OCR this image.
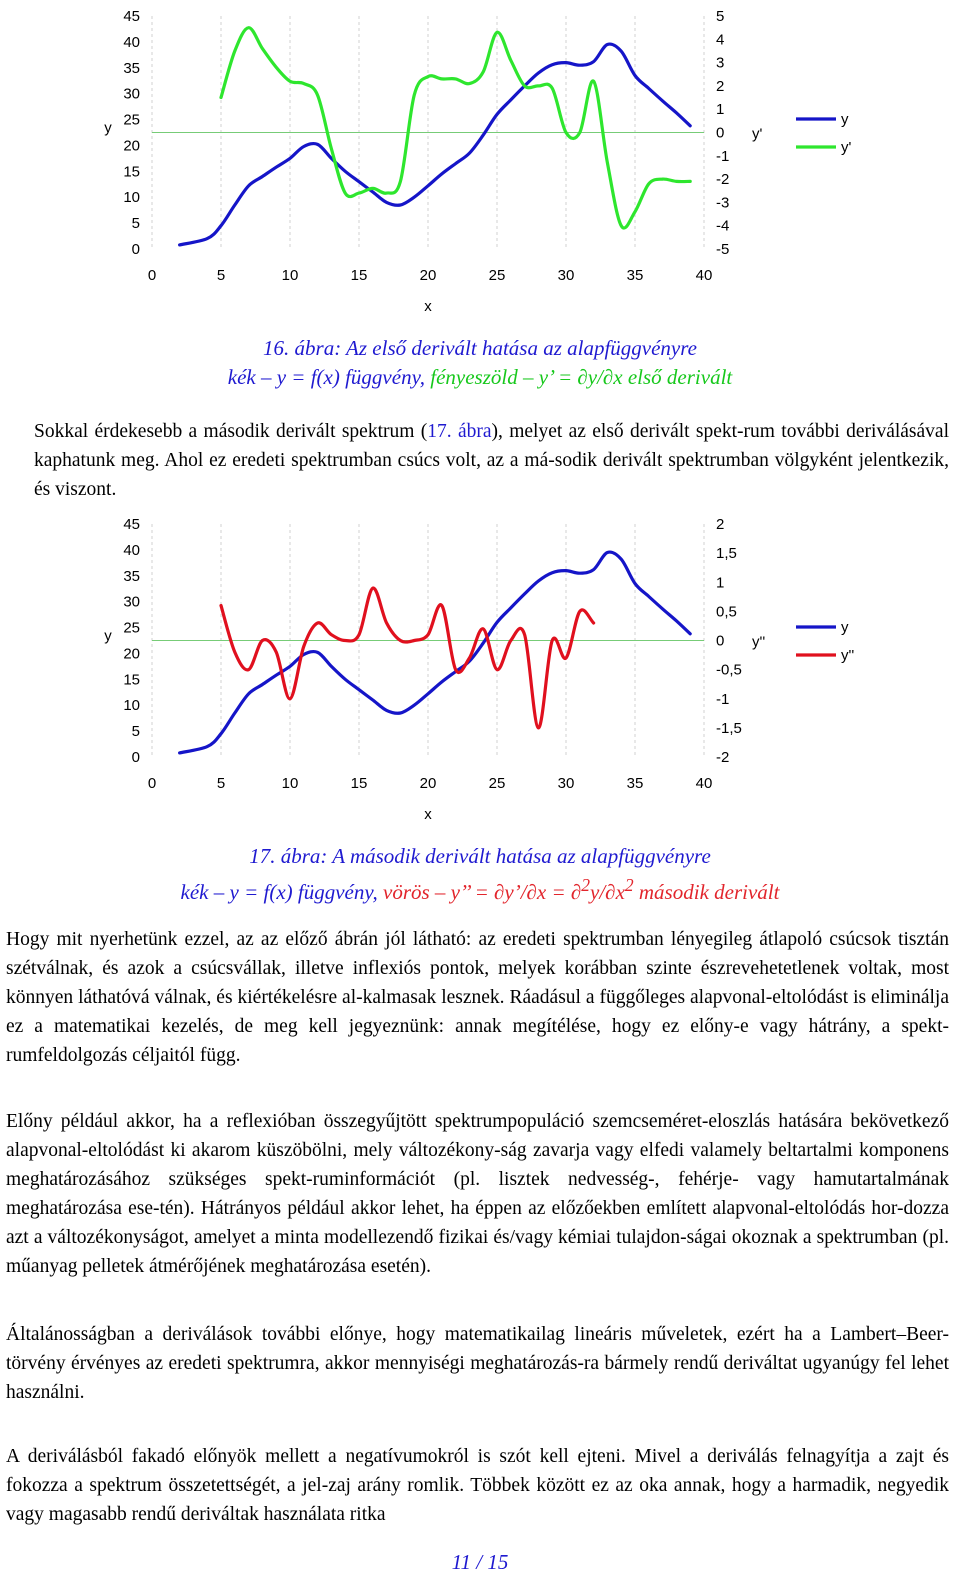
45
40
35
30
25
20
15
10
5
0
5
4
3
2
1
0
-1
-2
-3
-4
-5
0	5	10	15	20	25	30	35	40
x
y	y'
y
y'
16. ábra: Az első derivált hatása az alapfüggvényre
kék – y = f(x) függvény, fényeszöld – y’ = ∂y/∂x első derivált
Sokkal érdekesebb a második derivált spektrum (17. ábra), melyet az első derivált spekt-rum további deriválásával kaphatunk meg. Ahol ez eredeti spektrumban csúcs volt, az a má-sodik derivált spektrumban völgyként jelentkezik, és viszont.
45
40
35
30
25
20
15
10
5
0
2
1,5
1
0,5
0
-0,5
-1
-1,5
-2
0	5	10	15	20	25	30	35	40
x
y	y''
y
y''
17. ábra: A második derivált hatása az alapfüggvényre
kék – y = f(x) függvény, vörös – y’’ = ∂y’/∂x = $\partial^2y/\partial x^2$ második derivált
Hogy mit nyerhetünk ezzel, az az előző ábrán jól látható: az eredeti spektrumban lényegileg átlapoló csúcsok tisztán szétválnak, és azok a csúcsvállak, illetve inflexiós pontok, melyek korábban szinte észrevehetetlenek voltak, most könnyen láthatóvá válnak, és kiértékelésre al-kalmasak lesznek. Ráadásul a függőleges alapvonal-eltolódást is eliminálja ez a matematikai kezelés, de meg kell jegyeznünk: annak megítélése, hogy ez előny-e vagy hátrány, a spekt-rumfeldolgozás céljaitól függ.
Előny például akkor, ha a reflexióban összegyűjtött spektrumpopuláció szemcseméret-eloszlás hatására bekövetkező alapvonal-eltolódást ki akarom küszöbölni, mely változékony-ság zavarja vagy elfedi valamely beltartalmi komponens meghatározásához szükséges spekt-ruminformációt (pl. lisztek nedvesség-, fehérje- vagy hamutartalmának meghatározása ese-tén). Hátrányos például akkor lehet, ha éppen az előzőekben említett alapvonal-eltolódás hor-dozza azt a változékonyságot, amelyet a minta modellezendő fizikai és/vagy kémiai tulajdon-ságai okoznak a spektrumban (pl. műanyag pelletek átmérőjének meghatározása esetén).
Általánosságban a deriválások további előnye, hogy matematikailag lineáris műveletek, ezért ha a Lambert–Beer-törvény érvényes az eredeti spektrumra, akkor mennyiségi meghatározás-ra bármely rendű deriváltat ugyanúgy fel lehet használni.
A deriválásból fakadó előnyök mellett a negatívumokról is szót kell ejteni. Mivel a deriválás felnagyítja a zajt és fokozza a spektrum összetettségét, a jel-zaj arány romlik. Többek között ez az oka annak, hogy a harmadik, negyedik vagy magasabb rendű deriváltak használata ritka
11 / 15
